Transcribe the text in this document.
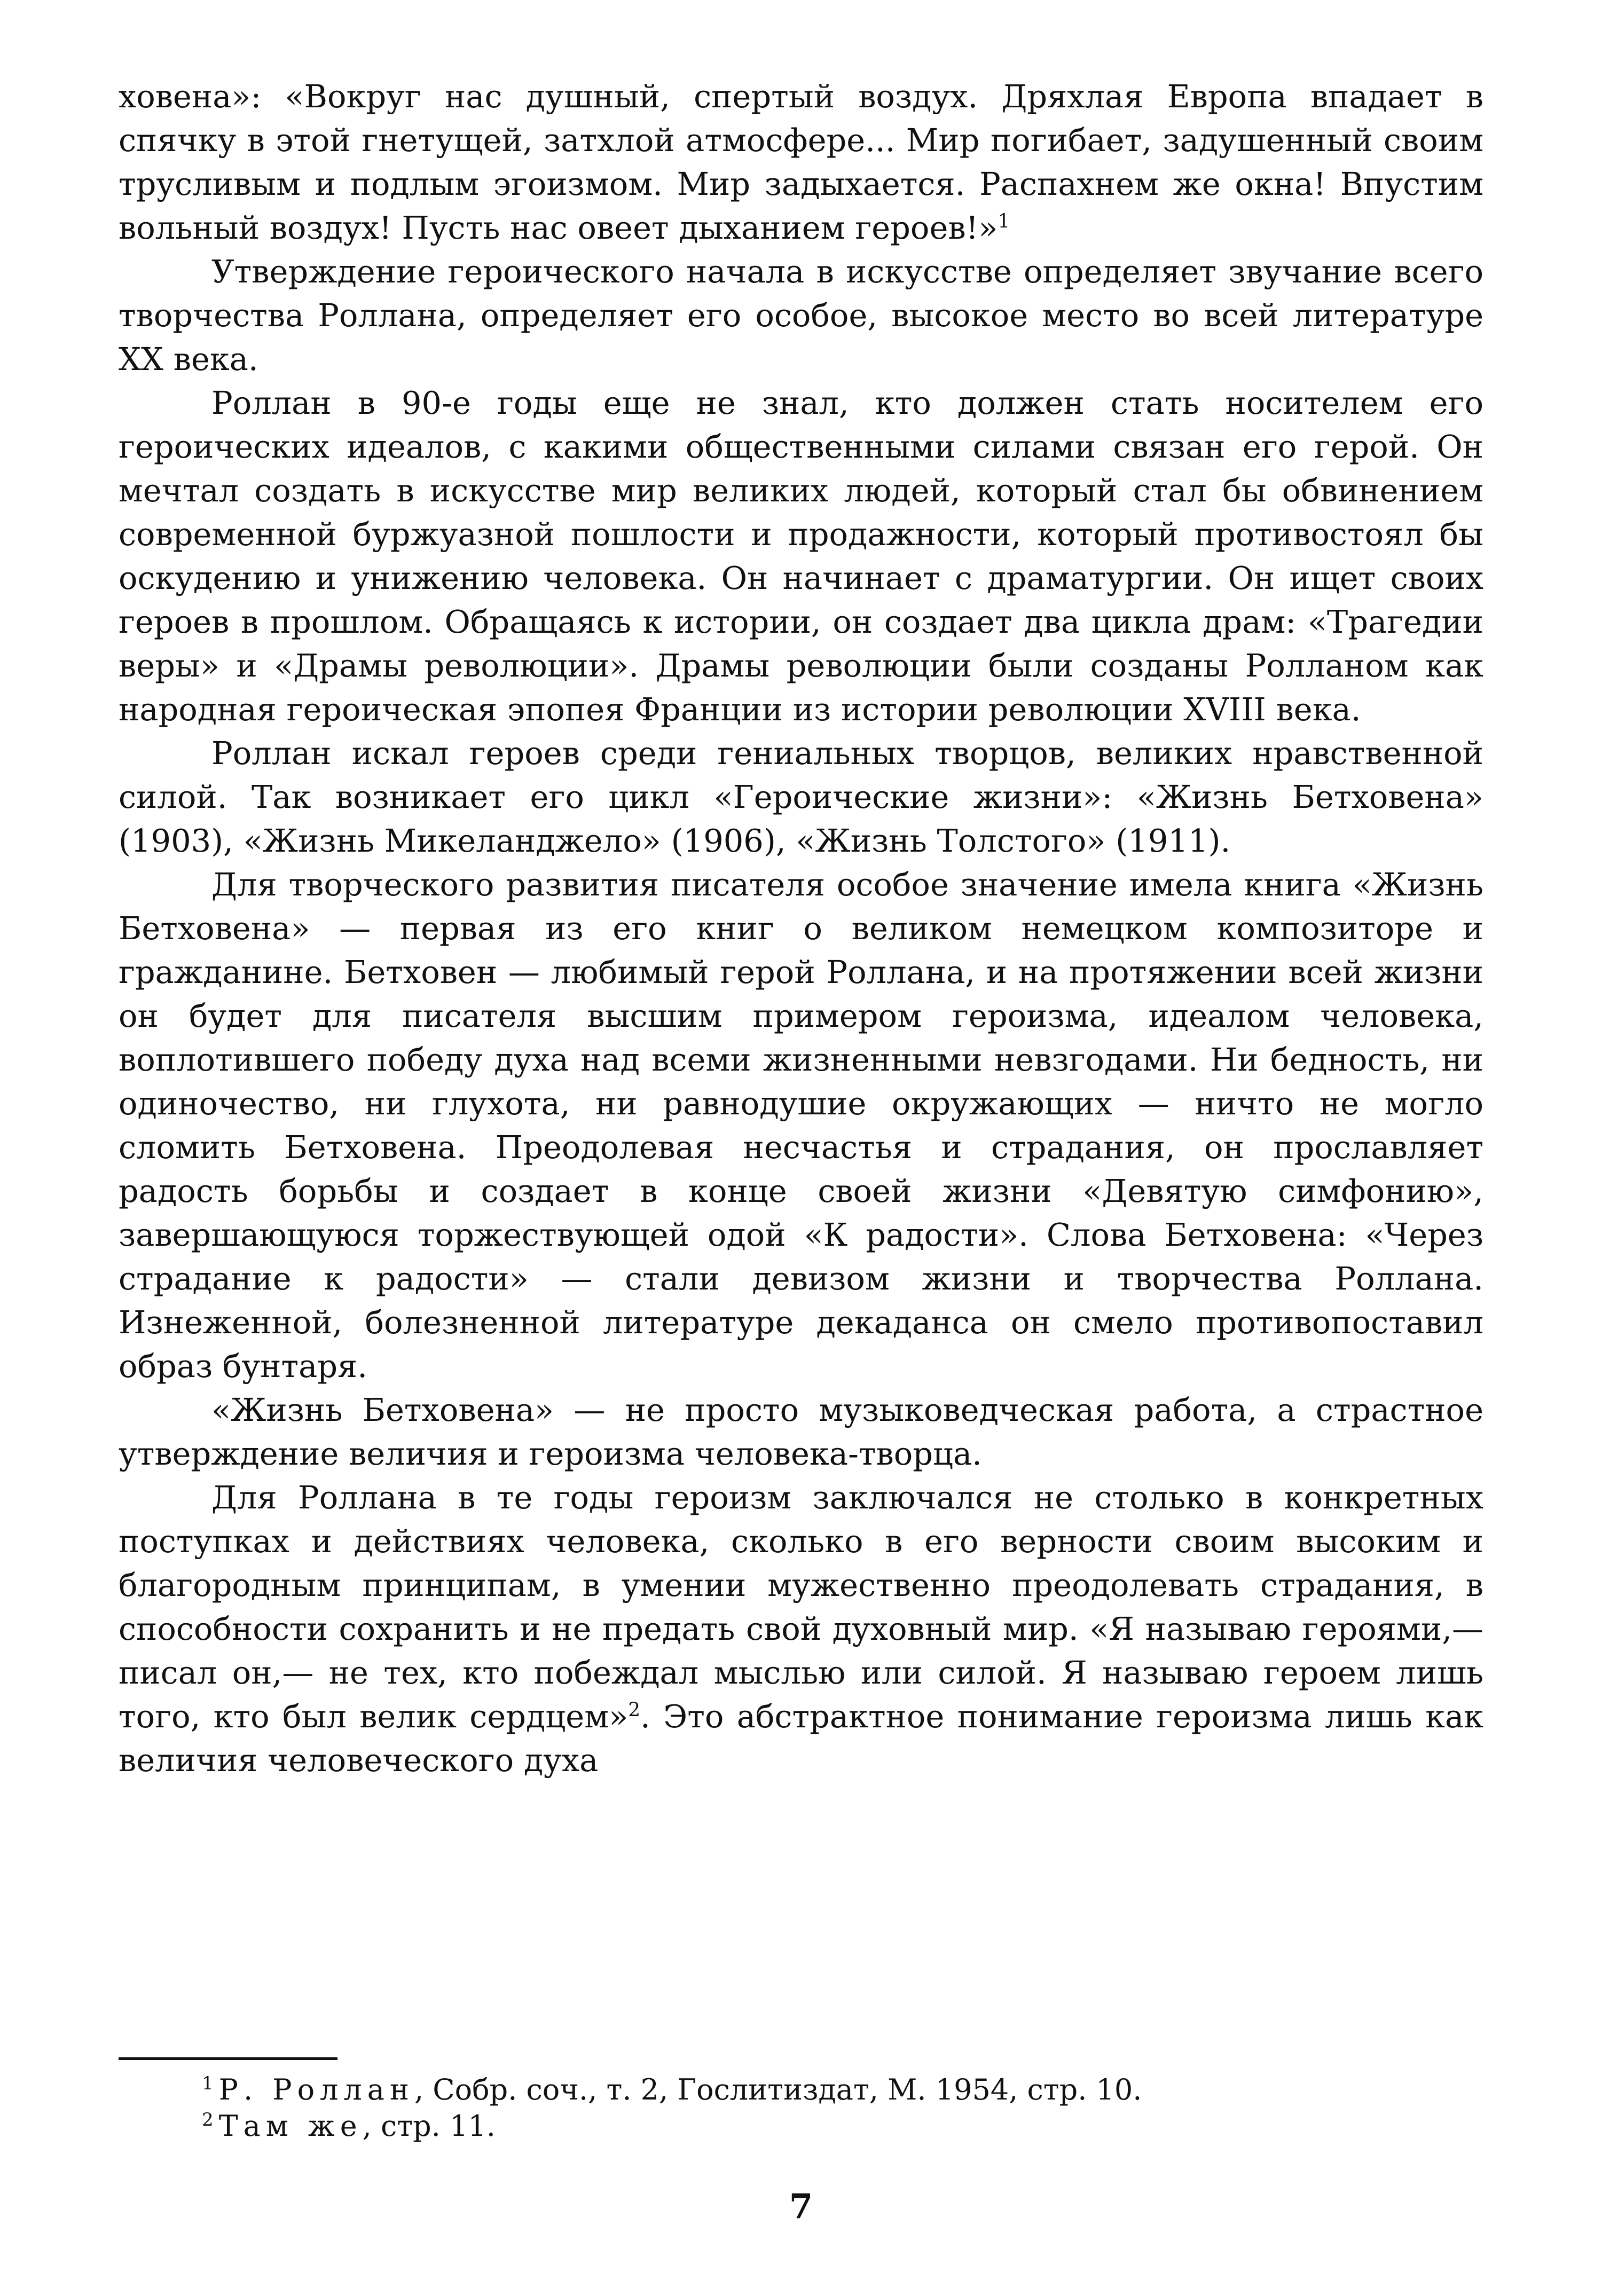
ховена»: «Вокруг нас душный, спертый воздух. Дряхлая Европа впадает в спячку в этой гнетущей, затхлой атмосфере... Мир погибает, задушенный своим трусливым и подлым эгоизмом. Мир задыхается. Распахнем же окна! Впустим вольный воздух! Пусть нас овеет дыханием героев!»$^1$

Утверждение героического начала в искусстве определяет звучание всего творчества Роллана, определяет его особое, высокое место во всей литературе XX века.

Роллан в 90-е годы еще не знал, кто должен стать носителем его героических идеалов, с какими общественными силами связан его герой. Он мечтал создать в искусстве мир великих людей, который стал бы обвинением современной буржуазной пошлости и продажности, который противостоял бы оскудению и унижению человека. Он начинает с драматургии. Он ищет своих героев в прошлом. Обращаясь к истории, он создает два цикла драм: «Трагедии веры» и «Драмы революции». Драмы революции были созданы Ролланом как народная героическая эпопея Франции из истории революции XVIII века.

Роллан искал героев среди гениальных творцов, великих нравственной силой. Так возникает его цикл «Героические жизни»: «Жизнь Бетховена» (1903), «Жизнь Микеланджело» (1906), «Жизнь Толстого» (1911).

Для творческого развития писателя особое значение имела книга «Жизнь Бетховена» — первая из его книг о великом немецком композиторе и гражданине. Бетховен — любимый герой Роллана, и на протяжении всей жизни он будет для писателя высшим примером героизма, идеалом человека, воплотившего победу духа над всеми жизненными невзгодами. Ни бедность, ни одиночество, ни глухота, ни равнодушие окружающих — ничто не могло сломить Бетховена. Преодолевая несчастья и страдания, он прославляет радость борьбы и создает в конце своей жизни «Девятую симфонию», завершающуюся торжествующей одой «К радости». Слова Бетховена: «Через страдание к радости» — стали девизом жизни и творчества Роллана. Изнеженной, болезненной литературе декаданса он смело противопоставил образ бунтаря.

«Жизнь Бетховена» — не просто музыковедческая работа, а страстное утверждение величия и героизма человека-творца.

Для Роллана в те годы героизм заключался не столько в конкретных поступках и действиях человека, сколько в его верности своим высоким и благородным принципам, в умении мужественно преодолевать страдания, в способности сохранить и не предать свой духовный мир. «Я называю героями,— писал он,— не тех, кто побеждал мыслью или силой. Я называю героем лишь того, кто был велик сердцем»$^2$. Это абстрактное понимание героизма лишь как величия человеческого духа

$^1$ Р. Роллан, Собр. соч., т. 2, Гослитиздат, М. 1954, стр. 10.

$^2$ Там же, стр. 11.

7
